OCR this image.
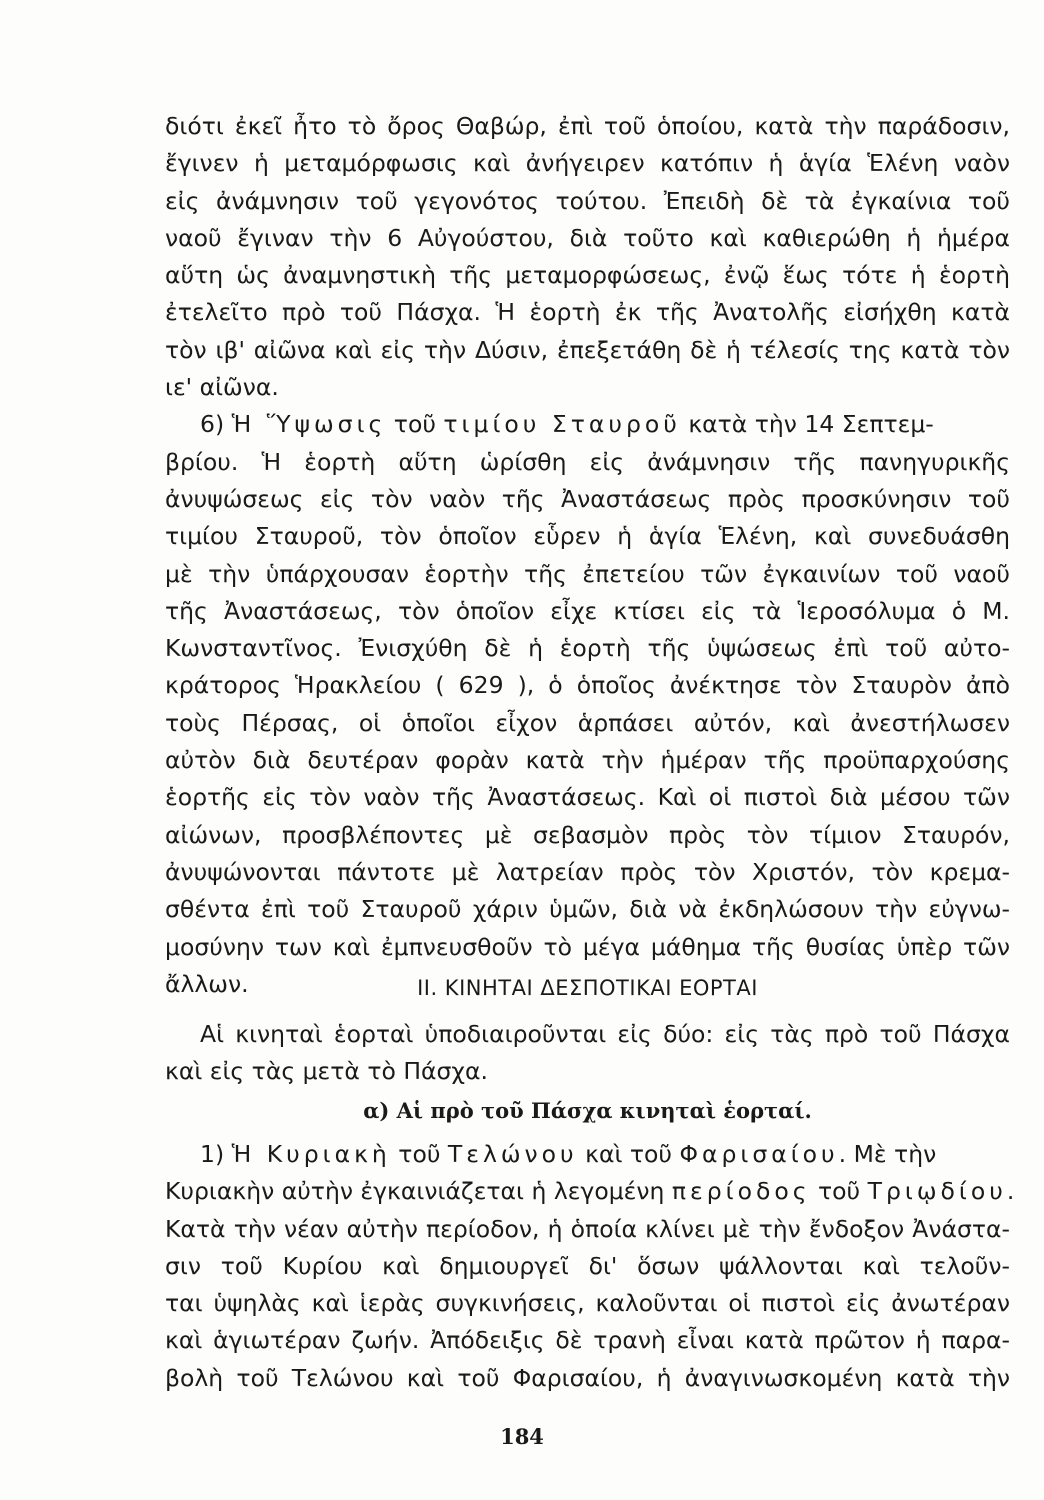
διότι ἐκεῖ ἦτο τὸ ὄρος Θαβώρ, ἐπὶ τοῦ ὁποίου, κατὰ τὴν παράδοσιν,
ἔγινεν ἡ μεταμόρφωσις καὶ ἀνήγειρεν κατόπιν ἡ ἁγία Ἑλένη ναὸν
εἰς ἀνάμνησιν τοῦ γεγονότος τούτου. Ἐπειδὴ δὲ τὰ ἐγκαίνια τοῦ
ναοῦ ἔγιναν τὴν 6 Αὐγούστου, διὰ τοῦτο καὶ καθιερώθη ἡ ἡμέρα
αὕτη ὡς ἀναμνηστικὴ τῆς μεταμορφώσεως, ἐνῷ ἕως τότε ἡ ἑορτὴ
ἐτελεῖτο πρὸ τοῦ Πάσχα. Ἡ ἑορτὴ ἐκ τῆς Ἀνατολῆς εἰσήχθη κατὰ
τὸν ιβ' αἰῶνα καὶ εἰς τὴν Δύσιν, ἐπεξετάθη δὲ ἡ τέλεσίς της κατὰ τὸν
ιε' αἰῶνα.
6) Ἡ Ὕψωσις τοῦ τιμίου Σταυροῦ κατὰ τὴν 14 Σεπτεμ-
βρίου. Ἡ ἑορτὴ αὕτη ὡρίσθη εἰς ἀνάμνησιν τῆς πανηγυρικῆς
ἀνυψώσεως εἰς τὸν ναὸν τῆς Ἀναστάσεως πρὸς προσκύνησιν τοῦ
τιμίου Σταυροῦ, τὸν ὁποῖον εὗρεν ἡ ἁγία Ἑλένη, καὶ συνεδυάσθη
μὲ τὴν ὑπάρχουσαν ἑορτὴν τῆς ἐπετείου τῶν ἐγκαινίων τοῦ ναοῦ
τῆς Ἀναστάσεως, τὸν ὁποῖον εἶχε κτίσει εἰς τὰ Ἱεροσόλυμα ὁ Μ.
Κωνσταντῖνος. Ἐνισχύθη δὲ ἡ ἑορτὴ τῆς ὑψώσεως ἐπὶ τοῦ αὐτο-
κράτορος Ἡρακλείου ( 629 ), ὁ ὁποῖος ἀνέκτησε τὸν Σταυρὸν ἀπὸ
τοὺς Πέρσας, οἱ ὁποῖοι εἶχον ἁρπάσει αὐτόν, καὶ ἀνεστήλωσεν
αὐτὸν διὰ δευτέραν φορὰν κατὰ τὴν ἡμέραν τῆς προϋπαρχούσης
ἑορτῆς εἰς τὸν ναὸν τῆς Ἀναστάσεως. Καὶ οἱ πιστοὶ διὰ μέσου τῶν
αἰώνων, προσβλέποντες μὲ σεβασμὸν πρὸς τὸν τίμιον Σταυρόν,
ἀνυψώνονται πάντοτε μὲ λατρείαν πρὸς τὸν Χριστόν, τὸν κρεμα-
σθέντα ἐπὶ τοῦ Σταυροῦ χάριν ὑμῶν, διὰ νὰ ἐκδηλώσουν τὴν εὐγνω-
μοσύνην των καὶ ἐμπνευσθοῦν τὸ μέγα μάθημα τῆς θυσίας ὑπὲρ τῶν
ἄλλων.	II. ΚΙΝΗΤΑΙ ΔΕΣΠΟΤΙΚΑΙ ΕΟΡΤΑΙ
Αἱ κινηταὶ ἑορταὶ ὑποδιαιροῦνται εἰς δύο: εἰς τὰς πρὸ τοῦ Πάσχα
καὶ εἰς τὰς μετὰ τὸ Πάσχα.
α) Αἱ πρὸ τοῦ Πάσχα κινηταὶ ἑορταί.
1) Ἡ Κυριακὴ τοῦ Τελώνου καὶ τοῦ Φαρισαίου. Μὲ τὴν
Κυριακὴν αὐτὴν ἐγκαινιάζεται ἡ λεγομένη περίοδος τοῦ Τριῳδίου.
Κατὰ τὴν νέαν αὐτὴν περίοδον, ἡ ὁποία κλίνει μὲ τὴν ἔνδοξον Ἀνάστα-
σιν τοῦ Κυρίου καὶ δημιουργεῖ δι' ὅσων ψάλλονται καὶ τελοῦν-
ται ὑψηλὰς καὶ ἱερὰς συγκινήσεις, καλοῦνται οἱ πιστοὶ εἰς ἀνωτέραν
καὶ ἁγιωτέραν ζωήν. Ἀπόδειξις δὲ τρανὴ εἶναι κατὰ πρῶτον ἡ παρα-
βολὴ τοῦ Τελώνου καὶ τοῦ Φαρισαίου, ἡ ἀναγινωσκομένη κατὰ τὴν
184
